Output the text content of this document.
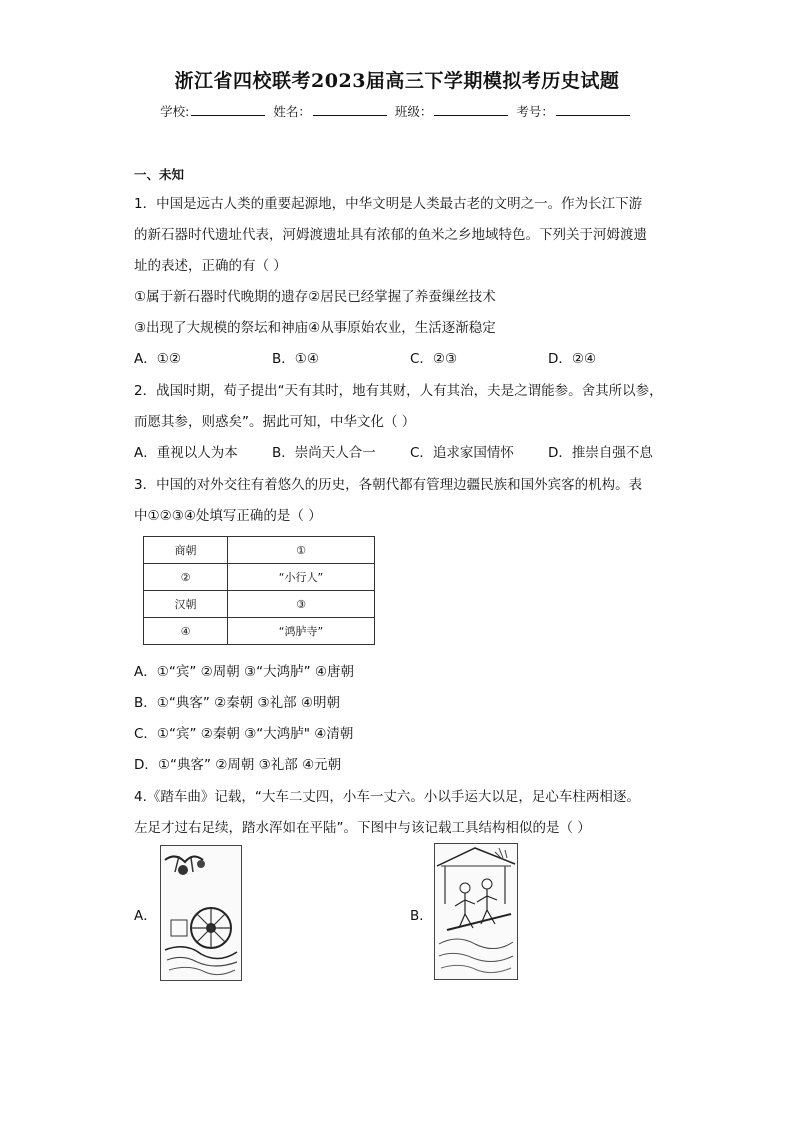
浙江省四校联考2023届高三下学期模拟考历史试题
学校:	姓名：	班级：	考号：
一、未知
1．中国是远古人类的重要起源地，中华文明是人类最古老的文明之一。作为长江下游
的新石器时代遗址代表，河姆渡遗址具有浓郁的鱼米之乡地域特色。下列关于河姆渡遗
址的表述，正确的有（ ）
①属于新石器时代晚期的遗存②居民已经掌握了养蚕缫丝技术
③出现了大规模的祭坛和神庙④从事原始农业，生活逐渐稳定
A．①②	B．①④	C．②③	D．②④
2．战国时期，荀子提出“天有其时，地有其财，人有其治，夫是之谓能参。舍其所以参，
而愿其参，则惑矣”。据此可知，中华文化（ ）
A．重视以人为本	B．崇尚天人合一	C．追求家国情怀	D．推崇自强不息
3．中国的对外交往有着悠久的历史，各朝代都有管理边疆民族和国外宾客的机构。表
中①②③④处填写正确的是（ ）
商朝	①
②	“小行人”
汉朝	③
④	“鸿胪寺”
A．①“宾” ②周朝 ③“大鸿胪” ④唐朝
B．①“典客” ②秦朝 ③礼部 ④明朝
C．①“宾” ②秦朝 ③“大鸿胪" ④清朝
D．①“典客” ②周朝 ③礼部 ④元朝
4.《踏车曲》记载，“大车二丈四，小车一丈六。小以手运大以足，足心车柱两相逐。
左足才过右足续，踏水浑如在平陆”。下图中与该记载工具结构相似的是（ ）
A．	B．
